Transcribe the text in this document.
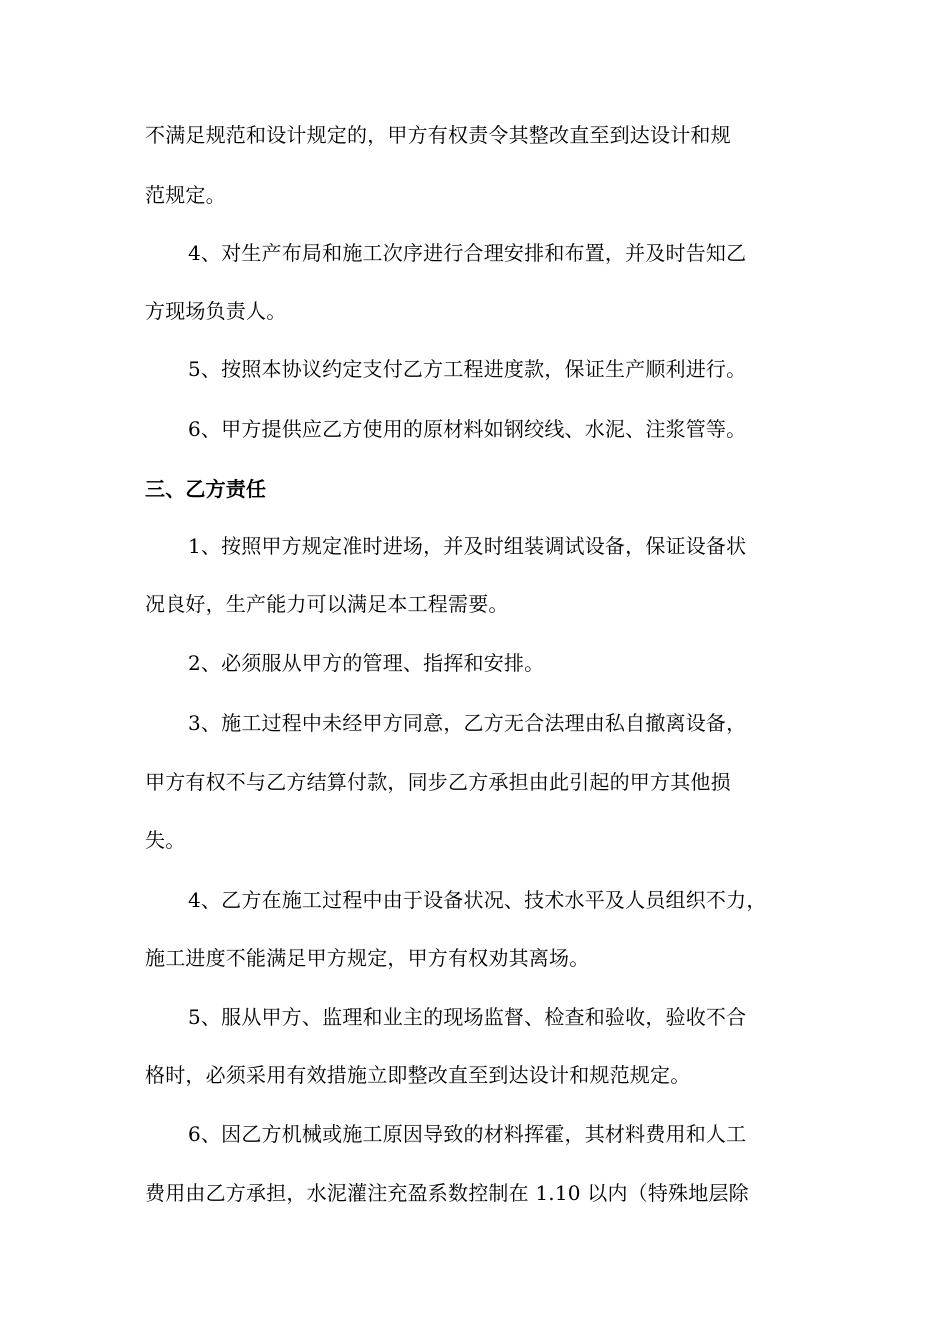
不满足规范和设计规定的，甲方有权责令其整改直至到达设计和规
范规定。
4、对生产布局和施工次序进行合理安排和布置，并及时告知乙
方现场负责人。
5、按照本协议约定支付乙方工程进度款，保证生产顺利进行。
6、甲方提供应乙方使用的原材料如钢绞线、水泥、注浆管等。
三、乙方责任
1、按照甲方规定准时进场，并及时组装调试设备，保证设备状
况良好，生产能力可以满足本工程需要。
2、必须服从甲方的管理、指挥和安排。
3、施工过程中未经甲方同意，乙方无合法理由私自撤离设备，
甲方有权不与乙方结算付款，同步乙方承担由此引起的甲方其他损
失。
4、乙方在施工过程中由于设备状况、技术水平及人员组织不力，
施工进度不能满足甲方规定，甲方有权劝其离场。
5、服从甲方、监理和业主的现场监督、检查和验收，验收不合
格时，必须采用有效措施立即整改直至到达设计和规范规定。
6、因乙方机械或施工原因导致的材料挥霍，其材料费用和人工
费用由乙方承担，水泥灌注充盈系数控制在 1.10 以内（特殊地层除
